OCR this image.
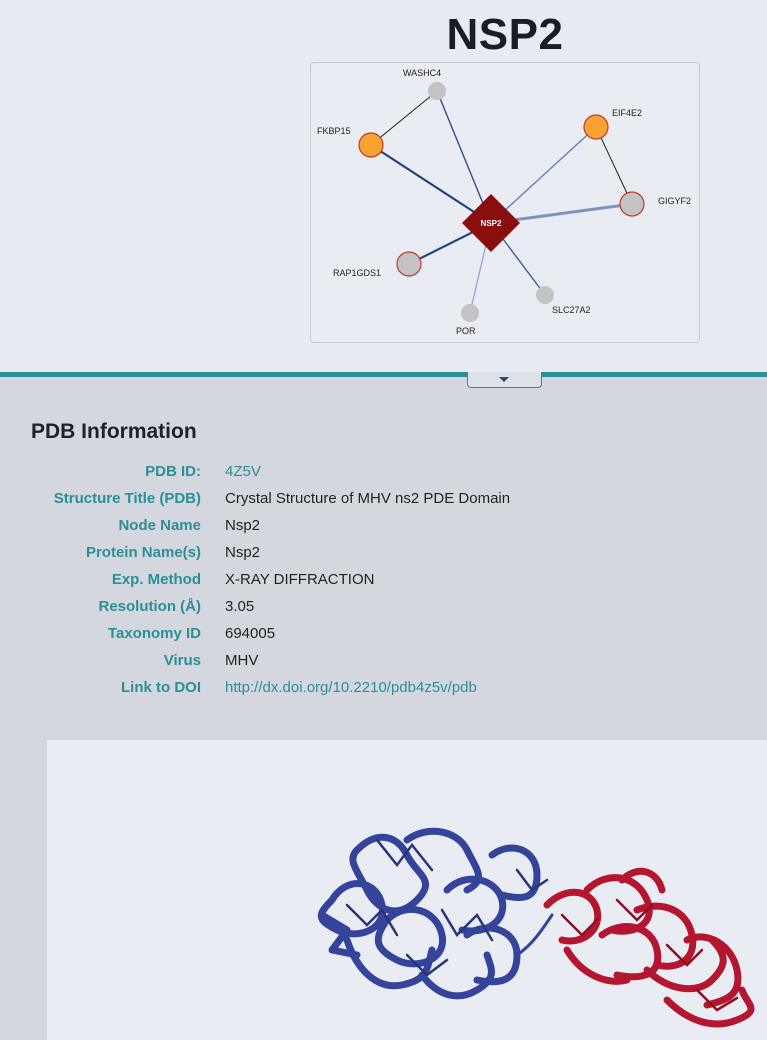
NSP2
WASHC4
FKBP15
EIF4E2
GIGYF2
RAP1GDS1
POR
SLC27A2
NSP2
PDB Information
PDB ID: 4Z5V
Structure Title (PDB) Crystal Structure of MHV ns2 PDE Domain
Node Name Nsp2
Protein Name(s) Nsp2
Exp. Method X-RAY DIFFRACTION
Resolution (Å) 3.05
Taxonomy ID 694005
Virus MHV
Link to DOI http://dx.doi.org/10.2210/pdb4z5v/pdb
